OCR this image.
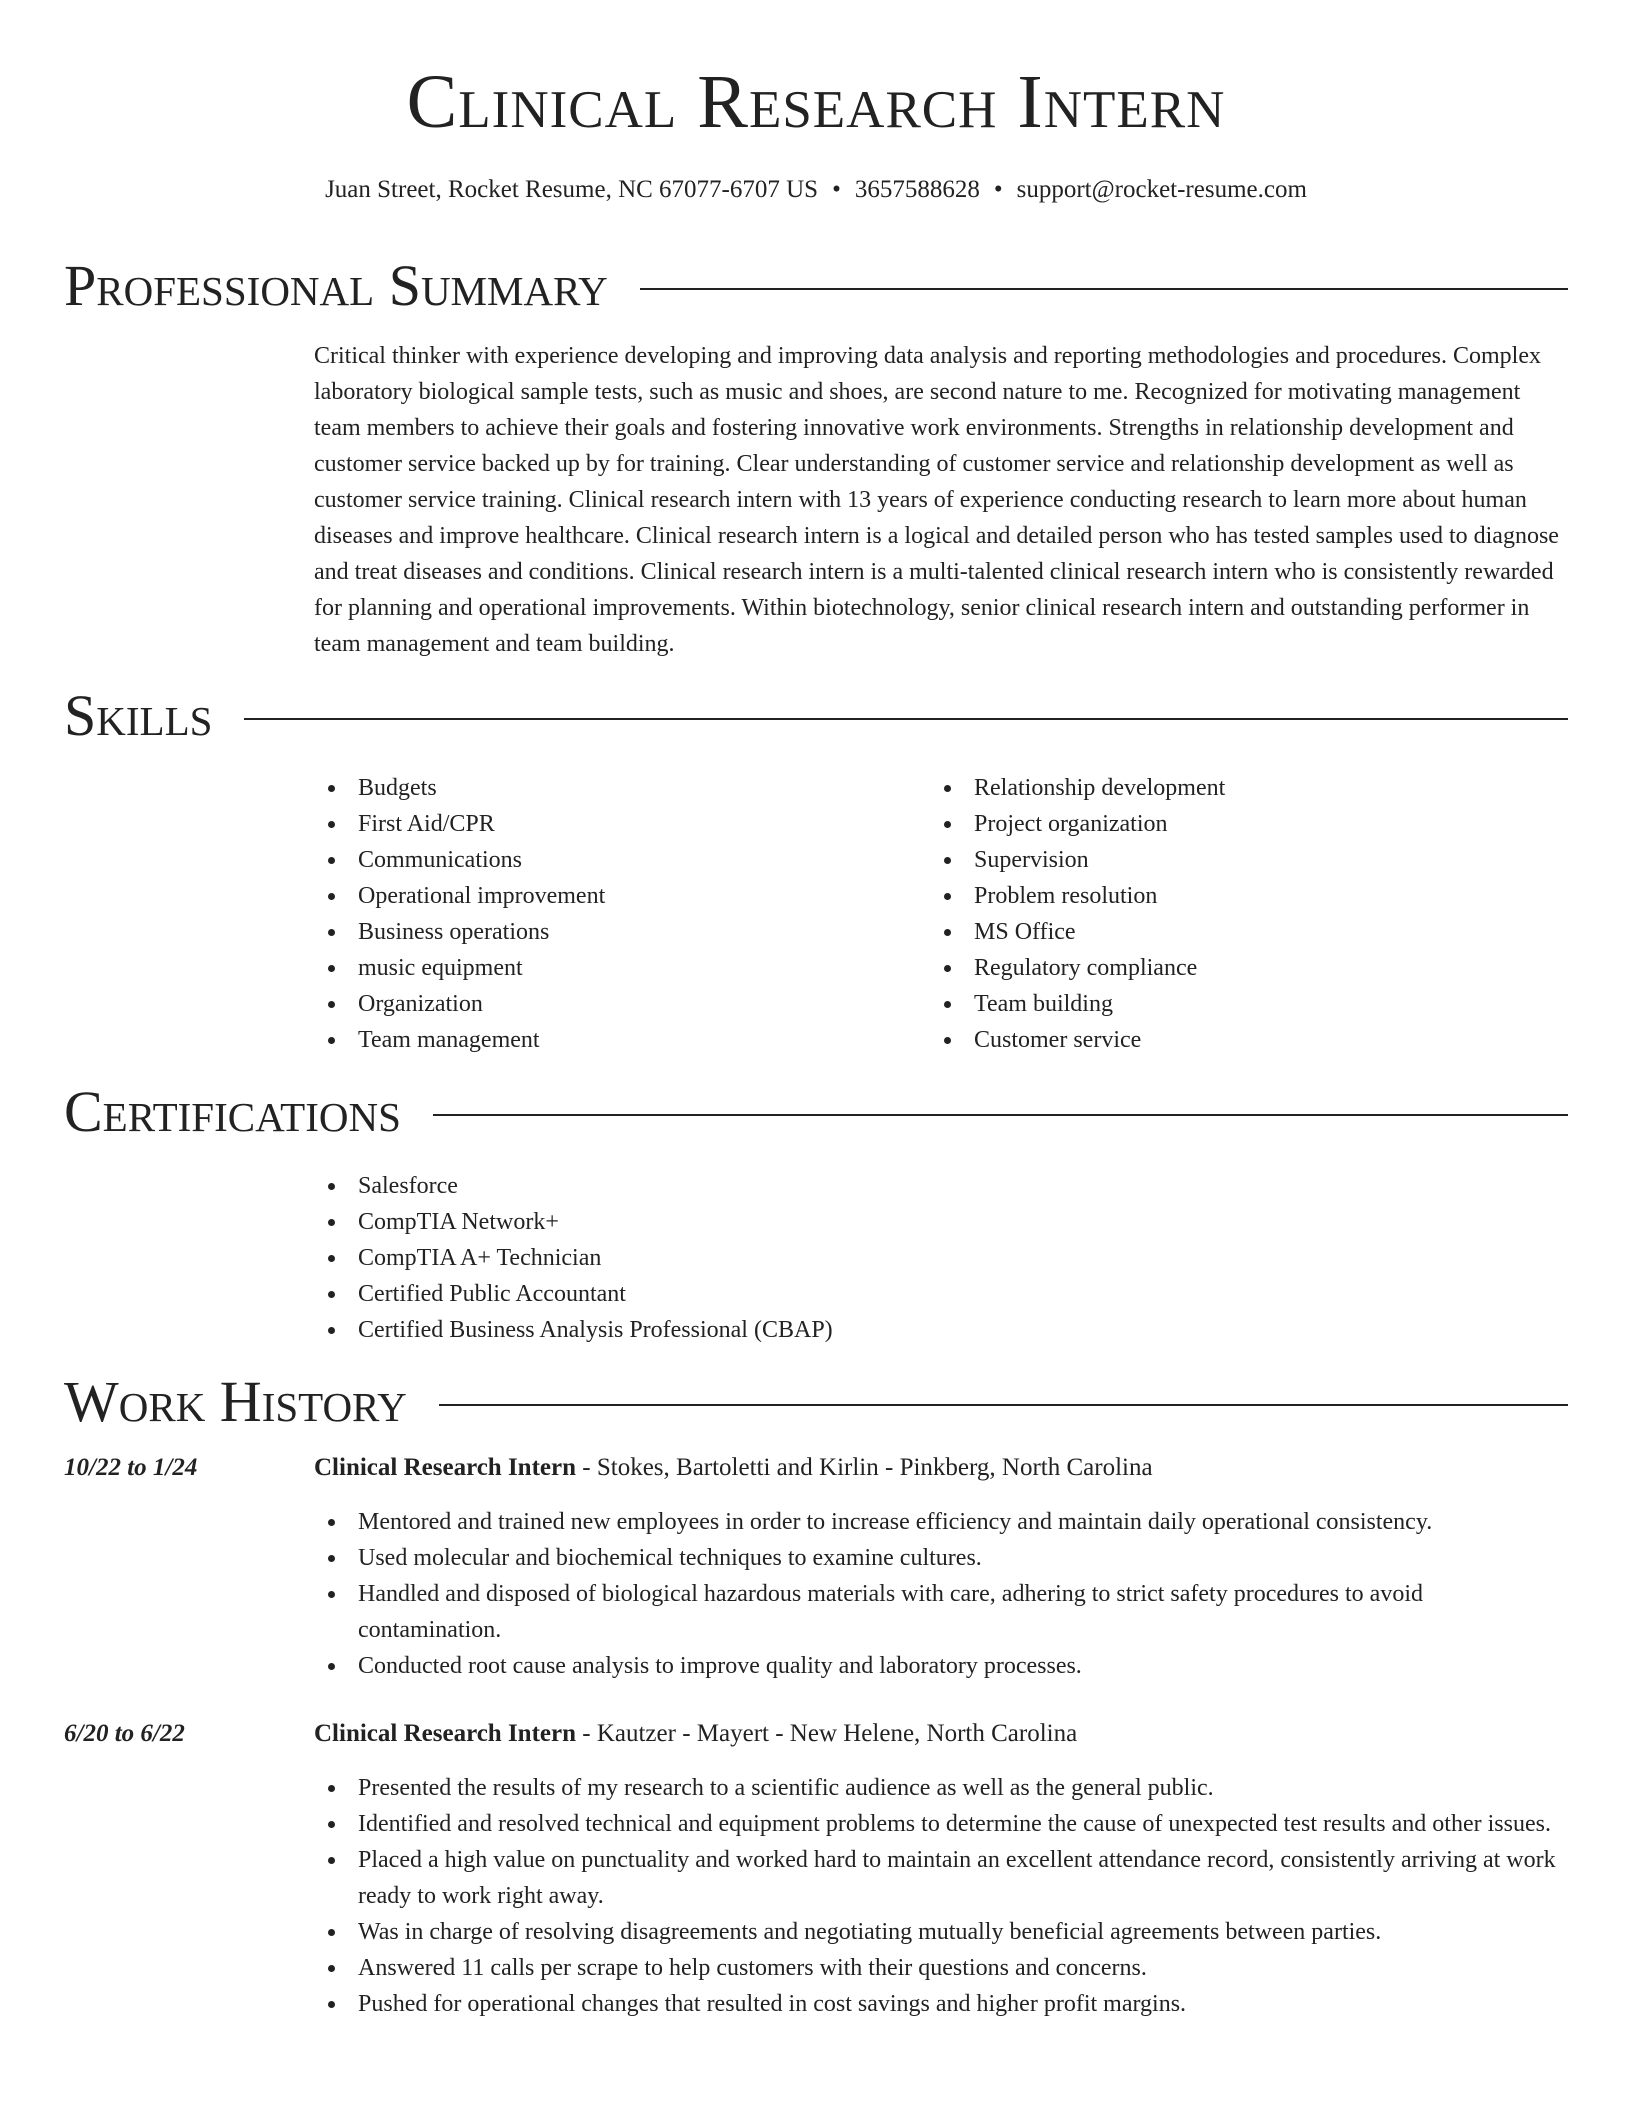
Clinical Research Intern
Juan Street, Rocket Resume, NC 67077-6707 US • 3657588628 • support@rocket-resume.com
Professional Summary

Critical thinker with experience developing and improving data analysis and reporting methodologies and procedures. Complex laboratory biological sample tests, such as music and shoes, are second nature to me. Recognized for motivating management team members to achieve their goals and fostering innovative work environments. Strengths in relationship development and customer service backed up by for training. Clear understanding of customer service and relationship development as well as customer service training. Clinical research intern with 13 years of experience conducting research to learn more about human diseases and improve healthcare. Clinical research intern is a logical and detailed person who has tested samples used to diagnose and treat diseases and conditions. Clinical research intern is a multi-talented clinical research intern who is consistently rewarded for planning and operational improvements. Within biotechnology, senior clinical research intern and outstanding performer in team management and team building.

Skills
Budgets
First Aid/CPR
Communications
Operational improvement
Business operations
music equipment
Organization
Team management
Relationship development
Project organization
Supervision
Problem resolution
MS Office
Regulatory compliance
Team building
Customer service
Certifications
Salesforce
CompTIA Network+
CompTIA A+ Technician
Certified Public Accountant
Certified Business Analysis Professional (CBAP)
Work History
10/22 to 1/24	Clinical Research Intern - Stokes, Bartoletti and Kirlin - Pinkberg, North Carolina
Mentored and trained new employees in order to increase efficiency and maintain daily operational consistency.
Used molecular and biochemical techniques to examine cultures.
Handled and disposed of biological hazardous materials with care, adhering to strict safety procedures to avoid contamination.
Conducted root cause analysis to improve quality and laboratory processes.
6/20 to 6/22	Clinical Research Intern - Kautzer - Mayert - New Helene, North Carolina
Presented the results of my research to a scientific audience as well as the general public.
Identified and resolved technical and equipment problems to determine the cause of unexpected test results and other issues.
Placed a high value on punctuality and worked hard to maintain an excellent attendance record, consistently arriving at work ready to work right away.
Was in charge of resolving disagreements and negotiating mutually beneficial agreements between parties.
Answered 11 calls per scrape to help customers with their questions and concerns.
Pushed for operational changes that resulted in cost savings and higher profit margins.
